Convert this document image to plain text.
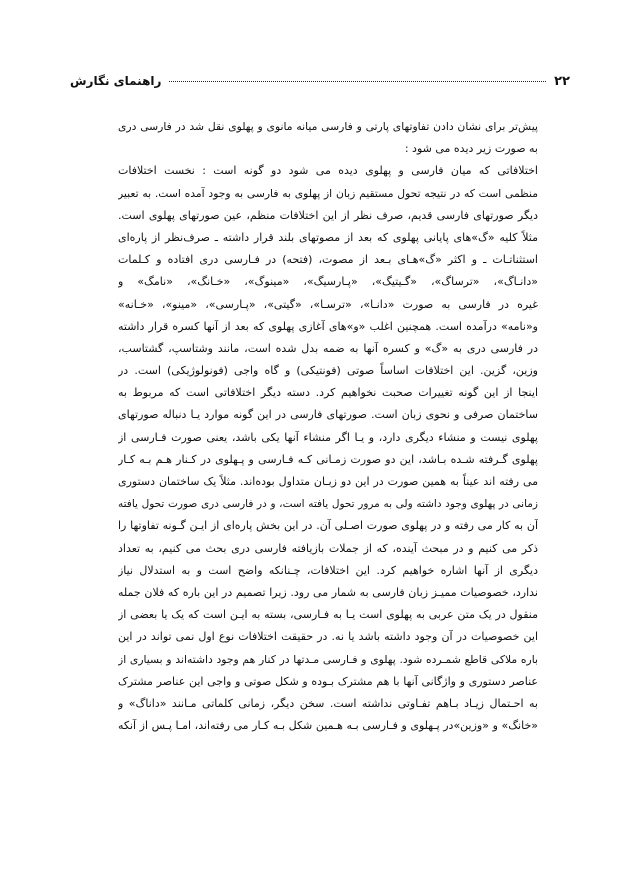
۲۲
راهنمای نگارش
پیش‌تر برای نشان دادن تفاوتهای پارتی و فارسی میانه مانوی و پهلوی نقل شد در فارسی دری
به صورت زیر دیده می شود :
اختلافاتی که میان فارسی و پهلوی دیده می شود دو گونه است : نخست اختلافات
منظمی است که در نتیجه تحول مستقیم زبان از پهلوی به فارسی به وجود آمده است. به تعبیر
دیگر صورتهای فارسی قدیم، صرف نظر از این اختلافات منظم، عین صورتهای پهلوی است.
مثلاً کلیه «گ»های پایانی پهلوی که بعد از مصوتهای بلند قرار داشته ـ صرف‌نظر از پاره‌ای
استثناتـات ـ و اکثر «گ»هـای بـعد از مصوت، (فتحه) در فـارسی دری افتاده و کـلمات
«دانـاگ»، «ترساگ»، «گـیتیگ»، «پـارسیگ»، «مینوگ»، «خـانگ»، «نامگ» و
غیره در فارسی به صورت «دانـا»، «ترسـا»، «گیتی»، «پـارسی»، «مینو»، «خـانه»
و«نامه» درآمده است. همچنین اغلب «و»های آغازی پهلوی که بعد از آنها کسره قرار داشته
در فارسی دری به «گ» و کسره آنها به ضمه بدل شده است، مانند وشتاسپ، گشتاسب،
وزین، گزین. این اختلافات اساساً صوتی (فونتیکی) و گاه واجی (فونولوژیکی) است. در
اینجا از این گونه تغییرات صحبت نخواهیم کرد. دسته دیگر اختلافاتی است که مربوط به
ساختمان صرفی و نحوی زبان است. صورتهای فارسی در این گونه موارد یـا دنباله صورتهای
پهلوی نیست و منشاء دیگری دارد، و یـا اگر منشاء آنها یکی باشد، یعنی صورت فـارسی از
پهلوی گـرفته شـده بـاشد، این دو صورت زمـانی کـه فـارسی و پـهلوی در کـنار هـم بـه کـار
می رفته اند عیناً به همین صورت در این دو زبـان متداول بوده‌اند. مثلاً یک ساختمان دستوری
زمانی در پهلوی وجود داشته ولی به مرور تحول یافته است، و در فارسی دری صورت تحول یافته
آن به کار می رفته و در پهلوی صورت اصـلی آن. در این بخش پاره‌ای از ایـن گـونه تفاوتها را
ذکر می کنیم و در مبحث آینده، که از جملات بازیافته فارسی دری بحث می کنیم، به تعداد
دیگری از آنها اشاره خواهیم کرد. این اختلافات، چـنانکه واضح است و به استدلال نیاز
ندارد، خصوصیات ممیـز زبان فارسی به شمار می رود. زیرا تصمیم در این باره که فلان جمله
منقول در یک متن عربی به پهلوی است یـا به فـارسی، بسته به ایـن است که یک یا بعضی از
این خصوصیات در آن وجود داشته باشد یا نه. در حقیقت اختلافات نوع اول نمی تواند در این
باره ملاکی قاطع شمـرده شود. پهلوی و فـارسی مـدتها در کنار هم وجود داشته‌اند و بسیاری از
عناصر دستوری و واژگانی آنها با هم مشترک بـوده و شکل صوتی و واجی این عناصر مشترک
به احـتمال زیـاد بـاهم تفـاوتی نداشته است. سخن دیگر، زمانی کلماتی مـانند «داناگ» و
«خانگ» و «وزین»در پـهلوی و فـارسی بـه هـمین شکل بـه کـار می رفته‌اند، امـا پـس از آنکه
